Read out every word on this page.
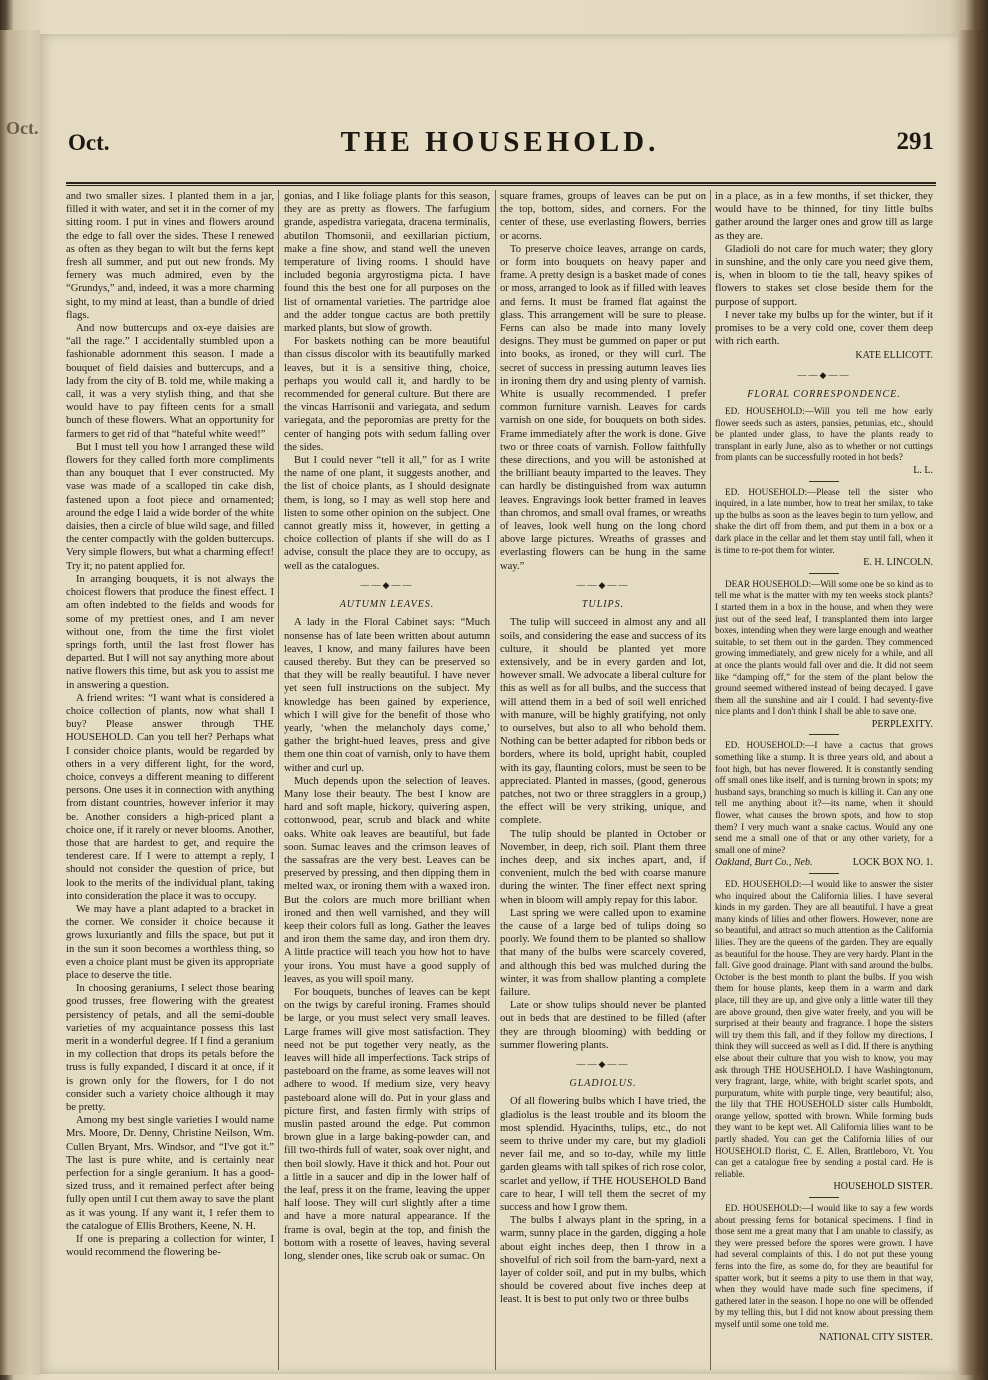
Oct.
Oct.	THE HOUSEHOLD.	291

and two smaller sizes. I planted them in a jar, filled it with water, and set it in the corner of my sitting room. I put in vines and flowers around the edge to fall over the sides. These I renewed as often as they began to wilt but the ferns kept fresh all summer, and put out new fronds. My fernery was much admired, even by the “Grundys,” and, indeed, it was a more charming sight, to my mind at least, than a bundle of dried flags.

And now buttercups and ox-eye daisies are “all the rage.” I accidentally stumbled upon a fashionable adornment this season. I made a bouquet of field daisies and buttercups, and a lady from the city of B. told me, while making a call, it was a very stylish thing, and that she would have to pay fifteen cents for a small bunch of these flowers. What an opportunity for farmers to get rid of that “hateful white weed!”

But I must tell you how I arranged these wild flowers for they called forth more compliments than any bouquet that I ever constructed. My vase was made of a scalloped tin cake dish, fastened upon a foot piece and ornamented; around the edge I laid a wide border of the white daisies, then a circle of blue wild sage, and filled the center compactly with the golden buttercups. Very simple flowers, but what a charming effect! Try it; no patent applied for.

In arranging bouquets, it is not always the choicest flowers that produce the finest effect. I am often indebted to the fields and woods for some of my prettiest ones, and I am never without one, from the time the first violet springs forth, until the last frost flower has departed. But I will not say anything more about native flowers this time, but ask you to assist me in answering a question.

A friend writes: “I want what is considered a choice collection of plants, now what shall I buy? Please answer through THE HOUSEHOLD. Can you tell her? Perhaps what I consider choice plants, would be regarded by others in a very different light, for the word, choice, conveys a different meaning to different persons. One uses it in connection with anything from distant countries, however inferior it may be. Another considers a high-priced plant a choice one, if it rarely or never blooms. Another, those that are hardest to get, and require the tenderest care. If I were to attempt a reply, I should not consider the question of price, but look to the merits of the individual plant, taking into consideration the place it was to occupy.

We may have a plant adapted to a bracket in the corner. We consider it choice because it grows luxuriantly and fills the space, but put it in the sun it soon becomes a worthless thing, so even a choice plant must be given its appropriate place to deserve the title.

In choosing geraniums, I select those bearing good trusses, free flowering with the greatest persistency of petals, and all the semi-double varieties of my acquaintance possess this last merit in a wonderful degree. If I find a geranium in my collection that drops its petals before the truss is fully expanded, I discard it at once, if it is grown only for the flowers, for I do not consider such a variety choice although it may be pretty.

Among my best single varieties I would name Mrs. Moore, Dr. Denny, Christine Neilson, Wm. Cullen Bryant, Mrs. Windsor, and “I've got it.” The last is pure white, and is certainly near perfection for a single geranium. It has a good-sized truss, and it remained perfect after being fully open until I cut them away to save the plant as it was young. If any want it, I refer them to the catalogue of Ellis Brothers, Keene, N. H.

If one is preparing a collection for winter, I would recommend the flowering be-

gonias, and I like foliage plants for this season, they are as pretty as flowers. The farfugium grande, aspedistra variegata, dracena terminalis, abutilon Thomsonii, and eexillarian pictium, make a fine show, and stand well the uneven temperature of living rooms. I should have included begonia argyrostigma picta. I have found this the best one for all purposes on the list of ornamental varieties. The partridge aloe and the adder tongue cactus are both prettily marked plants, but slow of growth.

For baskets nothing can be more beautiful than cissus discolor with its beautifully marked leaves, but it is a sensitive thing, choice, perhaps you would call it, and hardly to be recommended for general culture. But there are the vincas Harrisonii and variegata, and sedum variegata, and the peporomias are pretty for the center of hanging pots with sedum falling over the sides.

But I could never “tell it all,” for as I write the name of one plant, it suggests another, and the list of choice plants, as I should designate them, is long, so I may as well stop here and listen to some other opinion on the subject. One cannot greatly miss it, however, in getting a choice collection of plants if she will do as I advise, consult the place they are to occupy, as well as the catalogues.

——◆——

AUTUMN LEAVES.

A lady in the Floral Cabinet says: “Much nonsense has of late been written about autumn leaves, I know, and many failures have been caused thereby. But they can be preserved so that they will be really beautiful. I have never yet seen full instructions on the subject. My knowledge has been gained by experience, which I will give for the benefit of those who yearly, ‘when the melancholy days come,’ gather the bright-hued leaves, press and give them one thin coat of varnish, only to have them wither and curl up.

Much depends upon the selection of leaves. Many lose their beauty. The best I know are hard and soft maple, hickory, quivering aspen, cottonwood, pear, scrub and black and white oaks. White oak leaves are beautiful, but fade soon. Sumac leaves and the crimson leaves of the sassafras are the very best. Leaves can be preserved by pressing, and then dipping them in melted wax, or ironing them with a waxed iron. But the colors are much more brilliant when ironed and then well varnished, and they will keep their colors full as long. Gather the leaves and iron them the same day, and iron them dry. A little practice will teach you how hot to have your irons. You must have a good supply of leaves, as you will spoil many.

For bouquets, bunches of leaves can be kept on the twigs by careful ironing. Frames should be large, or you must select very small leaves. Large frames will give most satisfaction. They need not be put together very neatly, as the leaves will hide all imperfections. Tack strips of pasteboard on the frame, as some leaves will not adhere to wood. If medium size, very heavy pasteboard alone will do. Put in your glass and picture first, and fasten firmly with strips of muslin pasted around the edge. Put common brown glue in a large baking-powder can, and fill two-thirds full of water, soak over night, and then boil slowly. Have it thick and hot. Pour out a little in a saucer and dip in the lower half of the leaf, press it on the frame, leaving the upper half loose. They will curl slightly after a time and have a more natural appearance. If the frame is oval, begin at the top, and finish the bottom with a rosette of leaves, having several long, slender ones, like scrub oak or sumac. On

square frames, groups of leaves can be put on the top, bottom, sides, and corners. For the center of these, use everlasting flowers, berries or acorns.

To preserve choice leaves, arrange on cards, or form into bouquets on heavy paper and frame. A pretty design is a basket made of cones or moss, arranged to look as if filled with leaves and ferns. It must be framed flat against the glass. This arrangement will be sure to please. Ferns can also be made into many lovely designs. They must be gummed on paper or put into books, as ironed, or they will curl. The secret of success in pressing autumn leaves lies in ironing them dry and using plenty of varnish. White is usually recommended. I prefer common furniture varnish. Leaves for cards varnish on one side, for bouquets on both sides. Frame immediately after the work is done. Give two or three coats of varnish. Follow faithfully these directions, and you will be astonished at the brilliant beauty imparted to the leaves. They can hardly be distinguished from wax autumn leaves. Engravings look better framed in leaves than chromos, and small oval frames, or wreaths of leaves, look well hung on the long chord above large pictures. Wreaths of grasses and everlasting flowers can be hung in the same way.”

——◆——

TULIPS.

The tulip will succeed in almost any and all soils, and considering the ease and success of its culture, it should be planted yet more extensively, and be in every garden and lot, however small. We advocate a liberal culture for this as well as for all bulbs, and the success that will attend them in a bed of soil well enriched with manure, will be highly gratifying, not only to ourselves, but also to all who behold them. Nothing can be better adapted for ribbon beds or borders, where its bold, upright habit, coupled with its gay, flaunting colors, must be seen to be appreciated. Planted in masses, (good, generous patches, not two or three stragglers in a group,) the effect will be very striking, unique, and complete.

The tulip should be planted in October or November, in deep, rich soil. Plant them three inches deep, and six inches apart, and, if convenient, mulch the bed with coarse manure during the winter. The finer effect next spring when in bloom will amply repay for this labor.

Last spring we were called upon to examine the cause of a large bed of tulips doing so poorly. We found them to be planted so shallow that many of the bulbs were scarcely covered, and although this bed was mulched during the winter, it was from shallow planting a complete failure.

Late or show tulips should never be planted out in beds that are destined to be filled (after they are through blooming) with bedding or summer flowering plants.

——◆——

GLADIOLUS.

Of all flowering bulbs which I have tried, the gladiolus is the least trouble and its bloom the most splendid. Hyacinths, tulips, etc., do not seem to thrive under my care, but my gladioli never fail me, and so to-day, while my little garden gleams with tall spikes of rich rose color, scarlet and yellow, if THE HOUSEHOLD Band care to hear, I will tell them the secret of my success and how I grow them.

The bulbs I always plant in the spring, in a warm, sunny place in the garden, digging a hole about eight inches deep, then I throw in a shovelful of rich soil from the barn-yard, next a layer of colder soil, and put in my bulbs, which should be covered about five inches deep at least. It is best to put only two or three bulbs

in a place, as in a few months, if set thicker, they would have to be thinned, for tiny little bulbs gather around the larger ones and grow till as large as they are.

Gladioli do not care for much water; they glory in sunshine, and the only care you need give them, is, when in bloom to tie the tall, heavy spikes of flowers to stakes set close beside them for the purpose of support.

I never take my bulbs up for the winter, but if it promises to be a very cold one, cover them deep with rich earth.

KATE ELLICOTT.

——◆——

FLORAL CORRESPONDENCE.

ED. HOUSEHOLD:—Will you tell me how early flower seeds such as asters, pansies, petunias, etc., should be planted under glass, to have the plants ready to transplant in early June, also as to whether or not cuttings from plants can be successfully rooted in hot beds?

L. L.

ED. HOUSEHOLD:—Please tell the sister who inquired, in a late number, how to treat her smilax, to take up the bulbs as soon as the leaves begin to turn yellow, and shake the dirt off from them, and put them in a box or a dark place in the cellar and let them stay until fall, when it is time to re-pot them for winter.

E. H. LINCOLN.

DEAR HOUSEHOLD:—Will some one be so kind as to tell me what is the matter with my ten weeks stock plants? I started them in a box in the house, and when they were just out of the seed leaf, I transplanted them into larger boxes, intending when they were large enough and weather suitable, to set them out in the garden. They commenced growing immediately, and grew nicely for a while, and all at once the plants would fall over and die. It did not seem like “damping off,” for the stem of the plant below the ground seemed withered instead of being decayed. I gave them all the sunshine and air I could. I had seventy-five nice plants and I don't think I shall be able to save one.

PERPLEXITY.

ED. HOUSEHOLD:—I have a cactus that grows something like a stump. It is three years old, and about a foot high, but has never flowered. It is constantly sending off small ones like itself, and is turning brown in spots; my husband says, branching so much is killing it. Can any one tell me anything about it?—its name, when it should flower, what causes the brown spots, and how to stop them? I very much want a snake cactus. Would any one send me a small one of that or any other variety, for a small one of mine?

Oakland, Burt Co., Neb.	LOCK BOX NO. 1.

ED. HOUSEHOLD:—I would like to answer the sister who inquired about the California lilies. I have several kinds in my garden. They are all beautiful. I have a great many kinds of lilies and other flowers. However, none are so beautiful, and attract so much attention as the California lilies. They are the queens of the garden. They are equally as beautiful for the house. They are very hardy. Plant in the fall. Give good drainage. Plant with sand around the bulbs. October is the best month to plant the bulbs. If you wish them for house plants, keep them in a warm and dark place, till they are up, and give only a little water till they are above ground, then give water freely, and you will be surprised at their beauty and fragrance. I hope the sisters will try them this fall, and if they follow my directions, I think they will succeed as well as I did. If there is anything else about their culture that you wish to know, you may ask through THE HOUSEHOLD. I have Washingtonum, very fragrant, large, white, with bright scarlet spots, and purpuratum, white with purple tinge, very beautiful; also, the lily that THE HOUSEHOLD sister calls Humboldt, orange yellow, spotted with brown. While forming buds they want to be kept wet. All California lilies want to be partly shaded. You can get the California lilies of our HOUSEHOLD florist, C. E. Allen, Brattleboro, Vt. You can get a catalogue free by sending a postal card. He is reliable.

HOUSEHOLD SISTER.

ED. HOUSEHOLD:—I would like to say a few words about pressing ferns for botanical specimens. I find in those sent me a great many that I am unable to classify, as they were pressed before the spores were grown. I have had several complaints of this. I do not put these young ferns into the fire, as some do, for they are beautiful for spatter work, but it seems a pity to use them in that way, when they would have made such fine specimens, if gathered later in the season. I hope no one will be offended by my telling this, but I did not know about pressing them myself until some one told me.

NATIONAL CITY SISTER.
